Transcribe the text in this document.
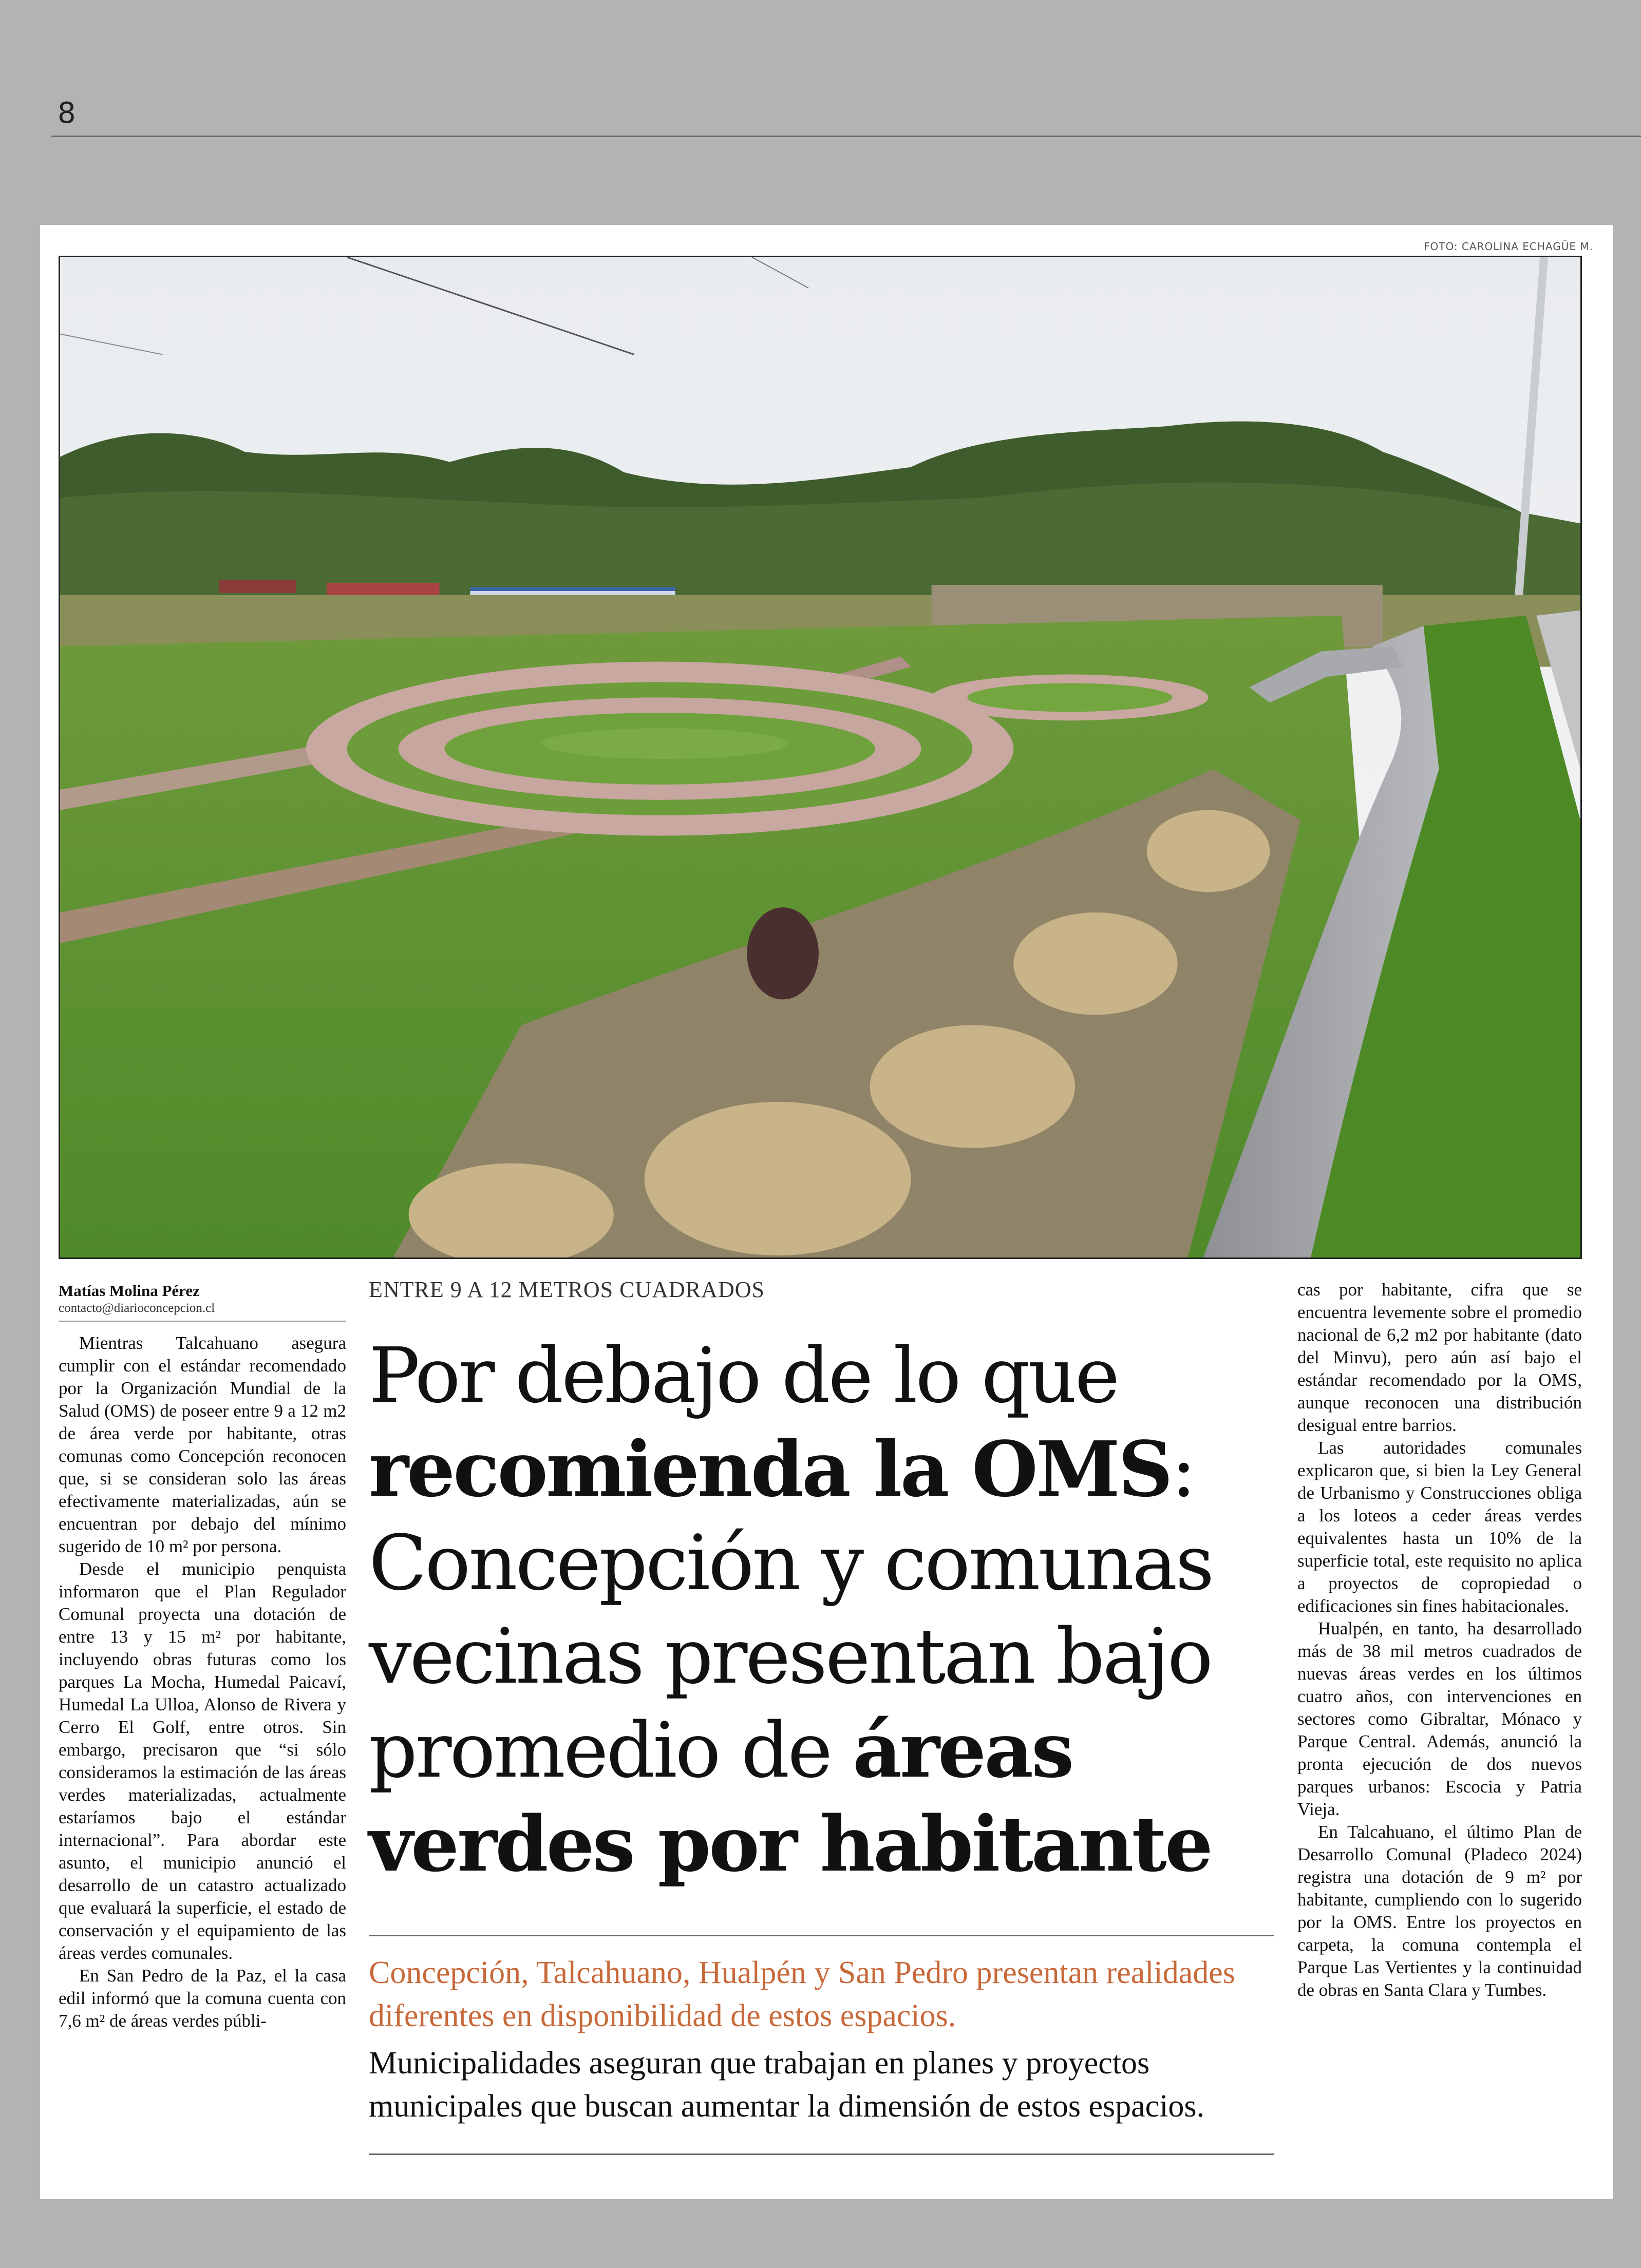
8
FOTO: CAROLINA ECHAGÜE M.
Matías Molina Pérez
contacto@diarioconcepcion.cl

Mientras Talcahuano asegura cumplir con el estándar recomendado por la Organización Mundial de la Salud (OMS) de poseer entre 9 a 12 m2 de área verde por habitante, otras comunas como Concepción reconocen que, si se consideran solo las áreas efectivamente materializadas, aún se encuentran por debajo del mínimo sugerido de 10 m² por persona.

Desde el municipio penquista informaron que el Plan Regulador Comunal proyecta una dotación de entre 13 y 15 m² por habitante, incluyendo obras futuras como los parques La Mocha, Humedal Paicaví, Humedal La Ulloa, Alonso de Rivera y Cerro El Golf, entre otros. Sin embargo, precisaron que “si sólo consideramos la estimación de las áreas verdes materializadas, actualmente estaríamos bajo el estándar internacional”. Para abordar este asunto, el municipio anunció el desarrollo de un catastro actualizado que evaluará la superficie, el estado de conservación y el equipamiento de las áreas verdes comunales.

En San Pedro de la Paz, el la casa edil informó que la comuna cuenta con 7,6 m² de áreas verdes públi-

ENTRE 9 A 12 METROS CUADRADOS
Por debajo de lo que
recomienda la OMS:
Concepción y comunas
vecinas presentan bajo
promedio de áreas
verdes por habitante
Concepción, Talcahuano, Hualpén y San Pedro presentan realidades diferentes en disponibilidad de estos espacios.
Municipalidades aseguran que trabajan en planes y proyectos municipales que buscan aumentar la dimensión de estos espacios.

cas por habitante, cifra que se encuentra levemente sobre el promedio nacional de 6,2 m2 por habitante (dato del Minvu), pero aún así bajo el estándar recomendado por la OMS, aunque reconocen una distribución desigual entre barrios.

Las autoridades comunales explicaron que, si bien la Ley General de Urbanismo y Construcciones obliga a los loteos a ceder áreas verdes equivalentes hasta un 10% de la superficie total, este requisito no aplica a proyectos de copropiedad o edificaciones sin fines habitacionales.

Hualpén, en tanto, ha desarrollado más de 38 mil metros cuadrados de nuevas áreas verdes en los últimos cuatro años, con intervenciones en sectores como Gibraltar, Mónaco y Parque Central. Además, anunció la pronta ejecución de dos nuevos parques urbanos: Escocia y Patria Vieja.

En Talcahuano, el último Plan de Desarrollo Comunal (Pladeco 2024) registra una dotación de 9 m² por habitante, cumpliendo con lo sugerido por la OMS. Entre los proyectos en carpeta, la comuna contempla el Parque Las Vertientes y la continuidad de obras en Santa Clara y Tumbes.
